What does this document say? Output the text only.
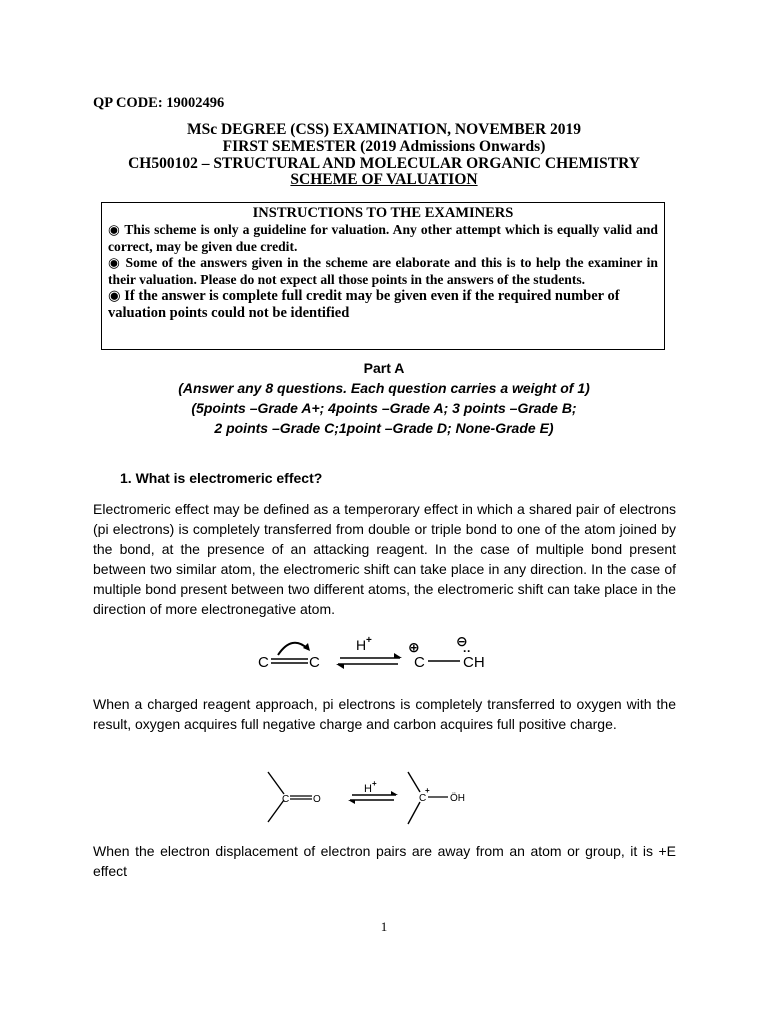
QP CODE: 19002496
MSc DEGREE (CSS) EXAMINATION, NOVEMBER 2019
FIRST SEMESTER (2019 Admissions Onwards)
CH500102 – STRUCTURAL AND MOLECULAR ORGANIC CHEMISTRY
SCHEME OF VALUATION
INSTRUCTIONS TO THE EXAMINERS
◉ This scheme is only a guideline for valuation. Any other attempt which is equally valid and correct, may be given due credit.
◉ Some of the answers given in the scheme are elaborate and this is to help the examiner in their valuation. Please do not expect all those points in the answers of the students.
◉ If the answer is complete full credit may be given even if the required number of valuation points could not be identified
Part A
(Answer any 8 questions. Each question carries a weight of 1)
(5points –Grade A+; 4points –Grade A; 3 points –Grade B;
2 points –Grade C;1point –Grade D; None-Grade E)
1. What is electromeric effect?
Electromeric effect may be defined as a temperorary effect in which a shared pair of electrons (pi electrons) is completely transferred from double or triple bond to one of the atom joined by the bond, at the presence of an attacking reagent. In the case of multiple bond present between two similar atom, the electromeric shift can take place in any direction. In the case of multiple bond present between two different atoms, the electromeric shift can take place in the direction of more electronegative atom.
C	C
H +	⊕
C
⊖
··
CH
When a charged reagent approach, pi electrons is completely transferred to oxygen with the result, oxygen acquires full negative charge and carbon acquires full positive charge.
C O
H +
C
+
ÖH
When the electron displacement of electron pairs are away from an atom or group, it is +E effect
1
